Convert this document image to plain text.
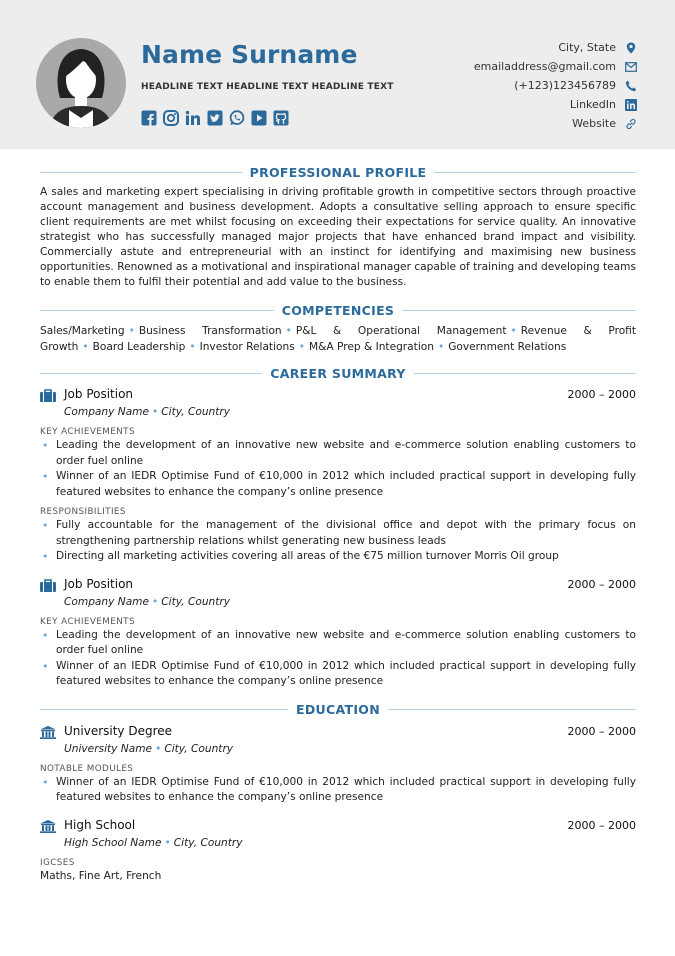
Name Surname
HEADLINE TEXT HEADLINE TEXT HEADLINE TEXT
City, State
emailaddress@gmail.com
(+123)123456789
LinkedIn
Website
PROFESSIONAL PROFILE
A sales and marketing expert specialising in driving profitable growth in competitive sectors through proactive account management and business development. Adopts a consultative selling approach to ensure specific client requirements are met whilst focusing on exceeding their expectations for service quality. An innovative strategist who has successfully managed major projects that have enhanced brand impact and visibility. Commercially astute and entrepreneurial with an instinct for identifying and maximising new business opportunities. Renowned as a motivational and inspirational manager capable of training and developing teams to enable them to fulfil their potential and add value to the business.
COMPETENCIES
Sales/Marketing • Business Transformation • P&L & Operational Management • Revenue & Profit Growth • Board Leadership • Investor Relations • M&A Prep & Integration • Government Relations
CAREER SUMMARY
Job Position	2000 – 2000
Company Name • City, Country
KEY ACHIEVEMENTS
• Leading the development of an innovative new website and e-commerce solution enabling customers to order fuel online
• Winner of an IEDR Optimise Fund of €10,000 in 2012 which included practical support in developing fully featured websites to enhance the company’s online presence
RESPONSIBILITIES
• Fully accountable for the management of the divisional office and depot with the primary focus on strengthening partnership relations whilst generating new business leads
• Directing all marketing activities covering all areas of the €75 million turnover Morris Oil group
Job Position	2000 – 2000
Company Name • City, Country
KEY ACHIEVEMENTS
• Leading the development of an innovative new website and e-commerce solution enabling customers to order fuel online
• Winner of an IEDR Optimise Fund of €10,000 in 2012 which included practical support in developing fully featured websites to enhance the company’s online presence
EDUCATION
University Degree	2000 – 2000
University Name • City, Country
NOTABLE MODULES
• Winner of an IEDR Optimise Fund of €10,000 in 2012 which included practical support in developing fully featured websites to enhance the company’s online presence
High School	2000 – 2000
High School Name • City, Country
IGCSES
Maths, Fine Art, French
